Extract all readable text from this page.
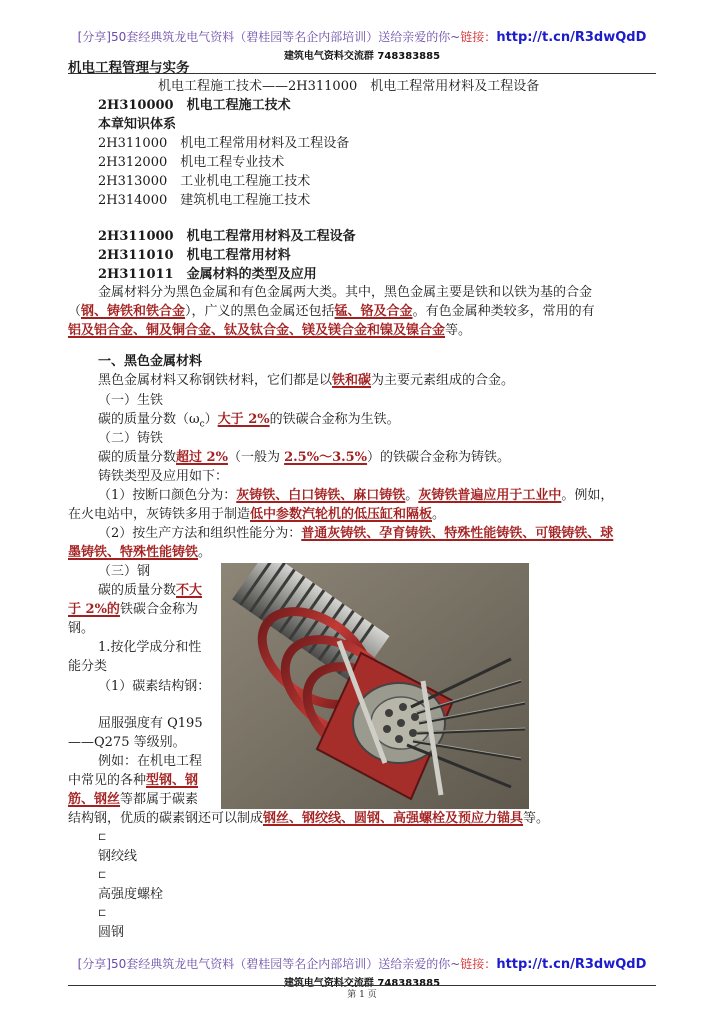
[分享]50套经典筑龙电气资料（碧桂园等名企内部培训）送给亲爱的你~链接：http://t.cn/R3dwQdD
建筑电气资料交流群 748383885
机电工程管理与实务
机电工程施工技术——2H311000　机电工程常用材料及工程设备
2H310000　机电工程施工技术
本章知识体系
2H311000　机电工程常用材料及工程设备
2H312000　机电工程专业技术
2H313000　工业机电工程施工技术
2H314000　建筑机电工程施工技术
2H311000　机电工程常用材料及工程设备
2H311010　机电工程常用材料
2H311011　金属材料的类型及应用
金属材料分为黑色金属和有色金属两大类。其中，黑色金属主要是铁和以铁为基的合金
（钢、铸铁和铁合金），广义的黑色金属还包括锰、铬及合金。有色金属种类较多，常用的有
铝及铝合金、铜及铜合金、钛及钛合金、镁及镁合金和镍及镍合金等。
一、黑色金属材料
黑色金属材料又称钢铁材料，它们都是以铁和碳为主要元素组成的合金。
（一）生铁
碳的质量分数$(\omega_c)$大于 2%的铁碳合金称为生铁。
（二）铸铁
碳的质量分数超过 2%（一般为 2.5%～3.5%）的铁碳合金称为铸铁。
铸铁类型及应用如下：
（1）按断口颜色分为：灰铸铁、白口铸铁、麻口铸铁。灰铸铁普遍应用于工业中。例如，
在火电站中，灰铸铁多用于制造低中参数汽轮机的低压缸和隔板。
（2）按生产方法和组织性能分为：普通灰铸铁、孕育铸铁、特殊性能铸铁、可锻铸铁、球
墨铸铁、特殊性能铸铁。
（三）钢
碳的质量分数不大
于 2%的铁碳合金称为
钢。
1.按化学成分和性
能分类
（1）碳素结构钢：
屈服强度有 Q195
——Q275 等级别。
例如：在机电工程
中常见的各种型钢、钢
筋、钢丝等都属于碳素
结构钢，优质的碳素钢还可以制成钢丝、钢绞线、圆钢、高强螺栓及预应力锚具等。
⊏
钢绞线
⊏
高强度螺栓
⊏
圆钢
[分享]50套经典筑龙电气资料（碧桂园等名企内部培训）送给亲爱的你~链接：http://t.cn/R3dwQdD
建筑电气资料交流群 748383885
第 1 页
